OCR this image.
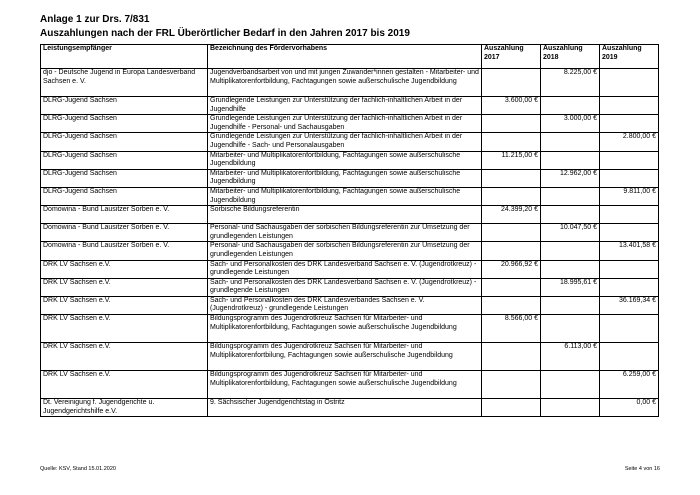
Anlage 1 zur Drs. 7/831
Auszahlungen nach der FRL Überörtlicher Bedarf in den Jahren 2017 bis 2019
Leistungsempfänger	Bezeichnung des Fördervorhabens	Auszahlung 2017	Auszahlung 2018	Auszahlung 2019
djo - Deutsche Jugend in Europa Landesverband Sachsen e. V.	Jugendverbandsarbeit von und mit jungen Zuwander*innen gestalten - Mitarbeiter- und Multiplikatorenfortbildung, Fachtagungen sowie außerschulische Jugendbildung		8.225,00 €	
DLRG-Jugend Sachsen	Grundlegende Leistungen zur Unterstützung der fachlich-inhaltlichen Arbeit in der Jugendhilfe	3.600,00 €		
DLRG-Jugend Sachsen	Grundlegende Leistungen zur Unterstützung der fachlich-inhaltlichen Arbeit in der Jugendhilfe - Personal- und Sachausgaben		3.000,00 €	
DLRG-Jugend Sachsen	Grundlegende Leistungen zur Unterstützung der fachlich-inhaltlichen Arbeit in der Jugendhilfe - Sach- und Personalausgaben			2.800,00 €
DLRG-Jugend Sachsen	Mitarbeiter- und Multiplikatorenfortbildung, Fachtagungen sowie außerschulische Jugendbildung	11.215,00 €		
DLRG-Jugend Sachsen	Mitarbeiter- und Multiplikatorenfortbildung, Fachtagungen sowie außerschulische Jugendbildung		12.962,00 €	
DLRG-Jugend Sachsen	Mitarbeiter- und Multiplikatorenfortbildung, Fachtagungen sowie außerschulische Jugendbildung			9.811,00 €
Domowina - Bund Lausitzer Sorben e. V.	Sorbische Bildungsreferentin	24.399,20 €		
Domowina - Bund Lausitzer Sorben e. V.	Personal- und Sachausgaben der sorbischen Bildungsreferentin zur Umsetzung der grundlegenden Leistungen		10.047,50 €	
Domowina - Bund Lausitzer Sorben e. V.	Personal- und Sachausgaben der sorbischen Bildungsreferentin zur Umsetzung der grundlegenden Leistungen			13.401,58 €
DRK LV Sachsen e.V.	Sach- und Personalkosten des DRK Landesverband Sachsen e. V. (Jugendrotkreuz) - grundlegende Leistungen	20.966,92 €		
DRK LV Sachsen e.V.	Sach- und Personalkosten des DRK Landesverband Sachsen e. V. (Jugendrotkreuz) - grundlegende Leistungen		18.995,61 €	
DRK LV Sachsen e.V.	Sach- und Personalkosten des DRK Landesverbandes Sachsen e. V. (Jugendrotkreuz) - grundlegende Leistungen			36.169,34 €
DRK LV Sachsen e.V.	Bildungsprogramm des Jugendrotkreuz Sachsen für Mitarbeiter- und Multiplikatorenfortbildung, Fachtagungen sowie außerschulische Jugendbildung	8.566,00 €		
DRK LV Sachsen e.V.	Bildungsprogramm des Jugendrotkreuz Sachsen für Mitarbeiter- und Multiplikatorenfortbilung, Fachtagungen sowie außerschulische Jugendbildung		6.113,00 €	
DRK LV Sachsen e.V.	Bildungsprogramm des Jugendrotkreuz Sachsen für Mitarbeiter- und Multiplikatorenfortbildung, Fachtagungen sowie außerschulische Jugendbildung			6.259,00 €
Dt. Vereinigung f. Jugendgerichte u. Jugendgerichtshilfe e.V.	9. Sächsischer Jugendgerichtstag in Ostritz			0,00 €
Quelle: KSV, Stand 15.01.2020	Seite 4 von 16
